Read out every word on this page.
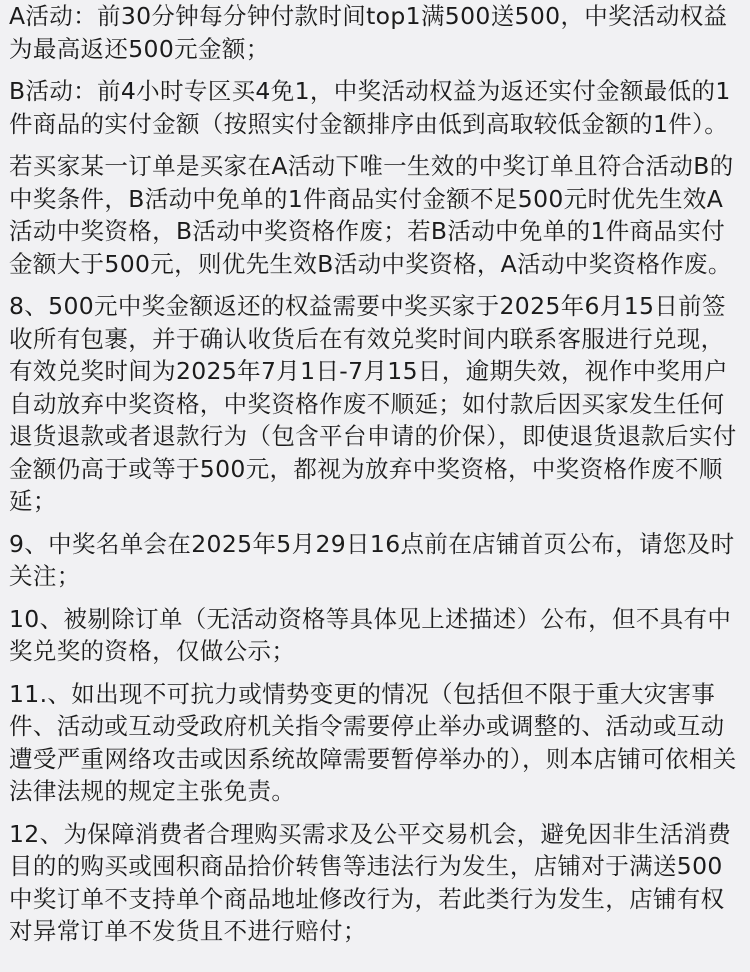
A活动：前30分钟每分钟付款时间top1满500送500，中奖活动权益为最高返还500元金额；

B活动：前4小时专区买4免1，中奖活动权益为返还实付金额最低的1件商品的实付金额（按照实付金额排序由低到高取较低金额的1件）。

若买家某一订单是买家在A活动下唯一生效的中奖订单且符合活动B的中奖条件，B活动中免单的1件商品实付金额不足500元时优先生效A活动中奖资格，B活动中奖资格作废；若B活动中免单的1件商品实付金额大于500元，则优先生效B活动中奖资格，A活动中奖资格作废。

8、500元中奖金额返还的权益需要中奖买家于2025年6月15日前签收所有包裹，并于确认收货后在有效兑奖时间内联系客服进行兑现，有效兑奖时间为2025年7月1日-7月15日，逾期失效，视作中奖用户自动放弃中奖资格，中奖资格作废不顺延；如付款后因买家发生任何退货退款或者退款行为（包含平台申请的价保），即使退货退款后实付金额仍高于或等于500元，都视为放弃中奖资格，中奖资格作废不顺延；

9、中奖名单会在2025年5月29日16点前在店铺首页公布，请您及时关注；

10、被剔除订单（无活动资格等具体见上述描述）公布，但不具有中奖兑奖的资格，仅做公示；

11.、如出现不可抗力或情势变更的情况（包括但不限于重大灾害事件、活动或互动受政府机关指令需要停止举办或调整的、活动或互动遭受严重网络攻击或因系统故障需要暂停举办的），则本店铺可依相关法律法规的规定主张免责。

12、为保障消费者合理购买需求及公平交易机会，避免因非生活消费目的的购买或囤积商品拾价转售等违法行为发生，店铺对于满送500 中奖订单不支持单个商品地址修改行为，若此类行为发生，店铺有权对异常订单不发货且不进行赔付；
